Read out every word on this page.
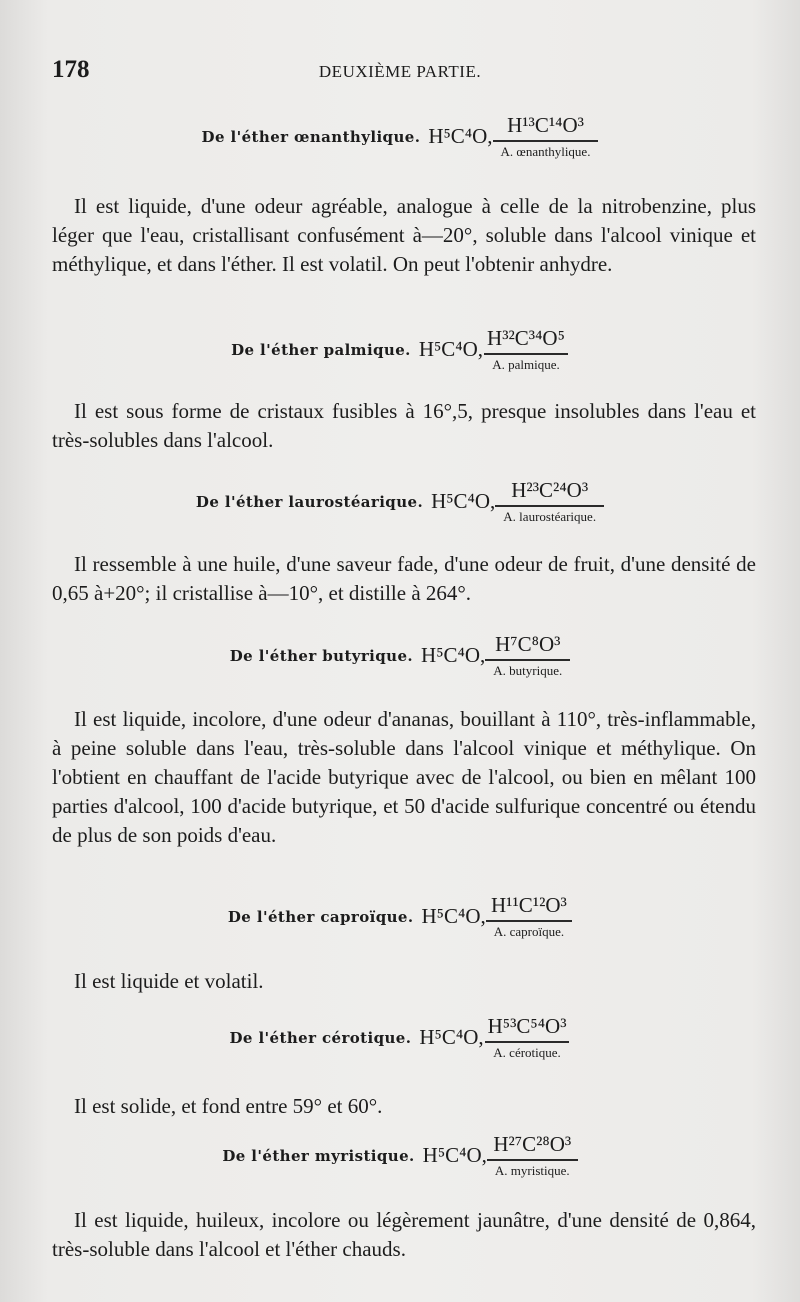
178	DEUXIÈME PARTIE.
De l'éther œnanthylique. H⁵C⁴O, $\frac{\text{H¹³C¹⁴O³}}{\text{A. œnanthylique.}}$

Il est liquide, d'une odeur agréable, analogue à celle de la nitrobenzine, plus léger que l'eau, cristallisant confusément à—20°, soluble dans l'alcool vinique et méthylique, et dans l'éther. Il est volatil. On peut l'obtenir anhydre.

De l'éther palmique. H⁵C⁴O, $\frac{\text{H³²C³⁴O⁵}}{\text{A. palmique.}}$

Il est sous forme de cristaux fusibles à 16°,5, presque insolubles dans l'eau et très-solubles dans l'alcool.

De l'éther laurostéarique. H⁵C⁴O, $\frac{\text{H²³C²⁴O³}}{\text{A. laurostéarique.}}$

Il ressemble à une huile, d'une saveur fade, d'une odeur de fruit, d'une densité de 0,65 à+20°; il cristallise à—10°, et distille à 264°.

De l'éther butyrique. H⁵C⁴O, $\frac{\text{H⁷C⁸O³}}{\text{A. butyrique.}}$

Il est liquide, incolore, d'une odeur d'ananas, bouillant à 110°, très-inflammable, à peine soluble dans l'eau, très-soluble dans l'alcool vinique et méthylique. On l'obtient en chauffant de l'acide butyrique avec de l'alcool, ou bien en mêlant 100 parties d'alcool, 100 d'acide butyrique, et 50 d'acide sulfurique concentré ou étendu de plus de son poids d'eau.

De l'éther caproïque. H⁵C⁴O, $\frac{\text{H¹¹C¹²O³}}{\text{A. caproïque.}}$

Il est liquide et volatil.

De l'éther cérotique. H⁵C⁴O, $\frac{\text{H⁵³C⁵⁴O³}}{\text{A. cérotique.}}$

Il est solide, et fond entre 59° et 60°.

De l'éther myristique. H⁵C⁴O, $\frac{\text{H²⁷C²⁸O³}}{\text{A. myristique.}}$

Il est liquide, huileux, incolore ou légèrement jaunâtre, d'une densité de 0,864, très-soluble dans l'alcool et l'éther chauds.
